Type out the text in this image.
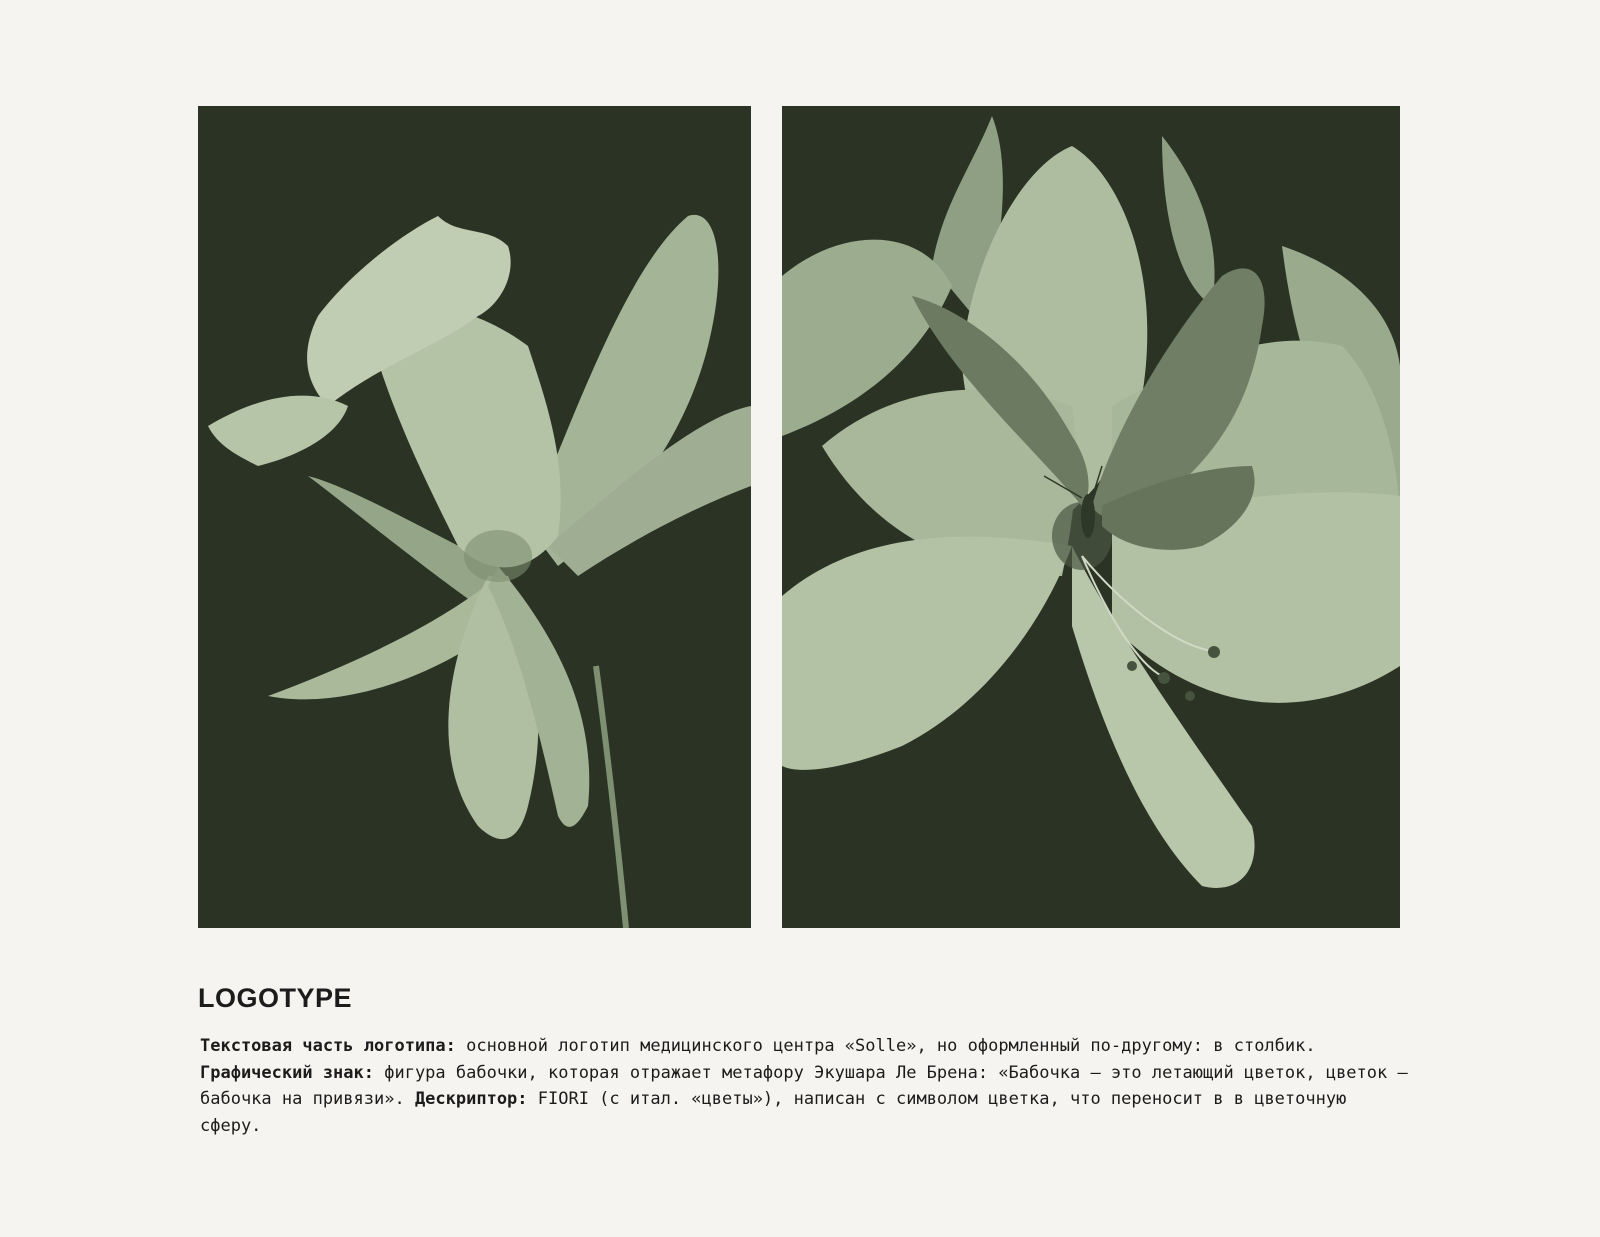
LOGOTYPE

Текстовая часть логотипа: основной логотип медицинского центра «Solle», но оформленный по-другому: в столбик. Графический знак: фигура бабочки, которая отражает метафору Экушара Ле Брена: «Бабочка — это летающий цветок, цветок — бабочка на привязи». Дескриптор: FIORI (с итал. «цветы»), написан с символом цветка, что переносит в в цветочную сферу.
